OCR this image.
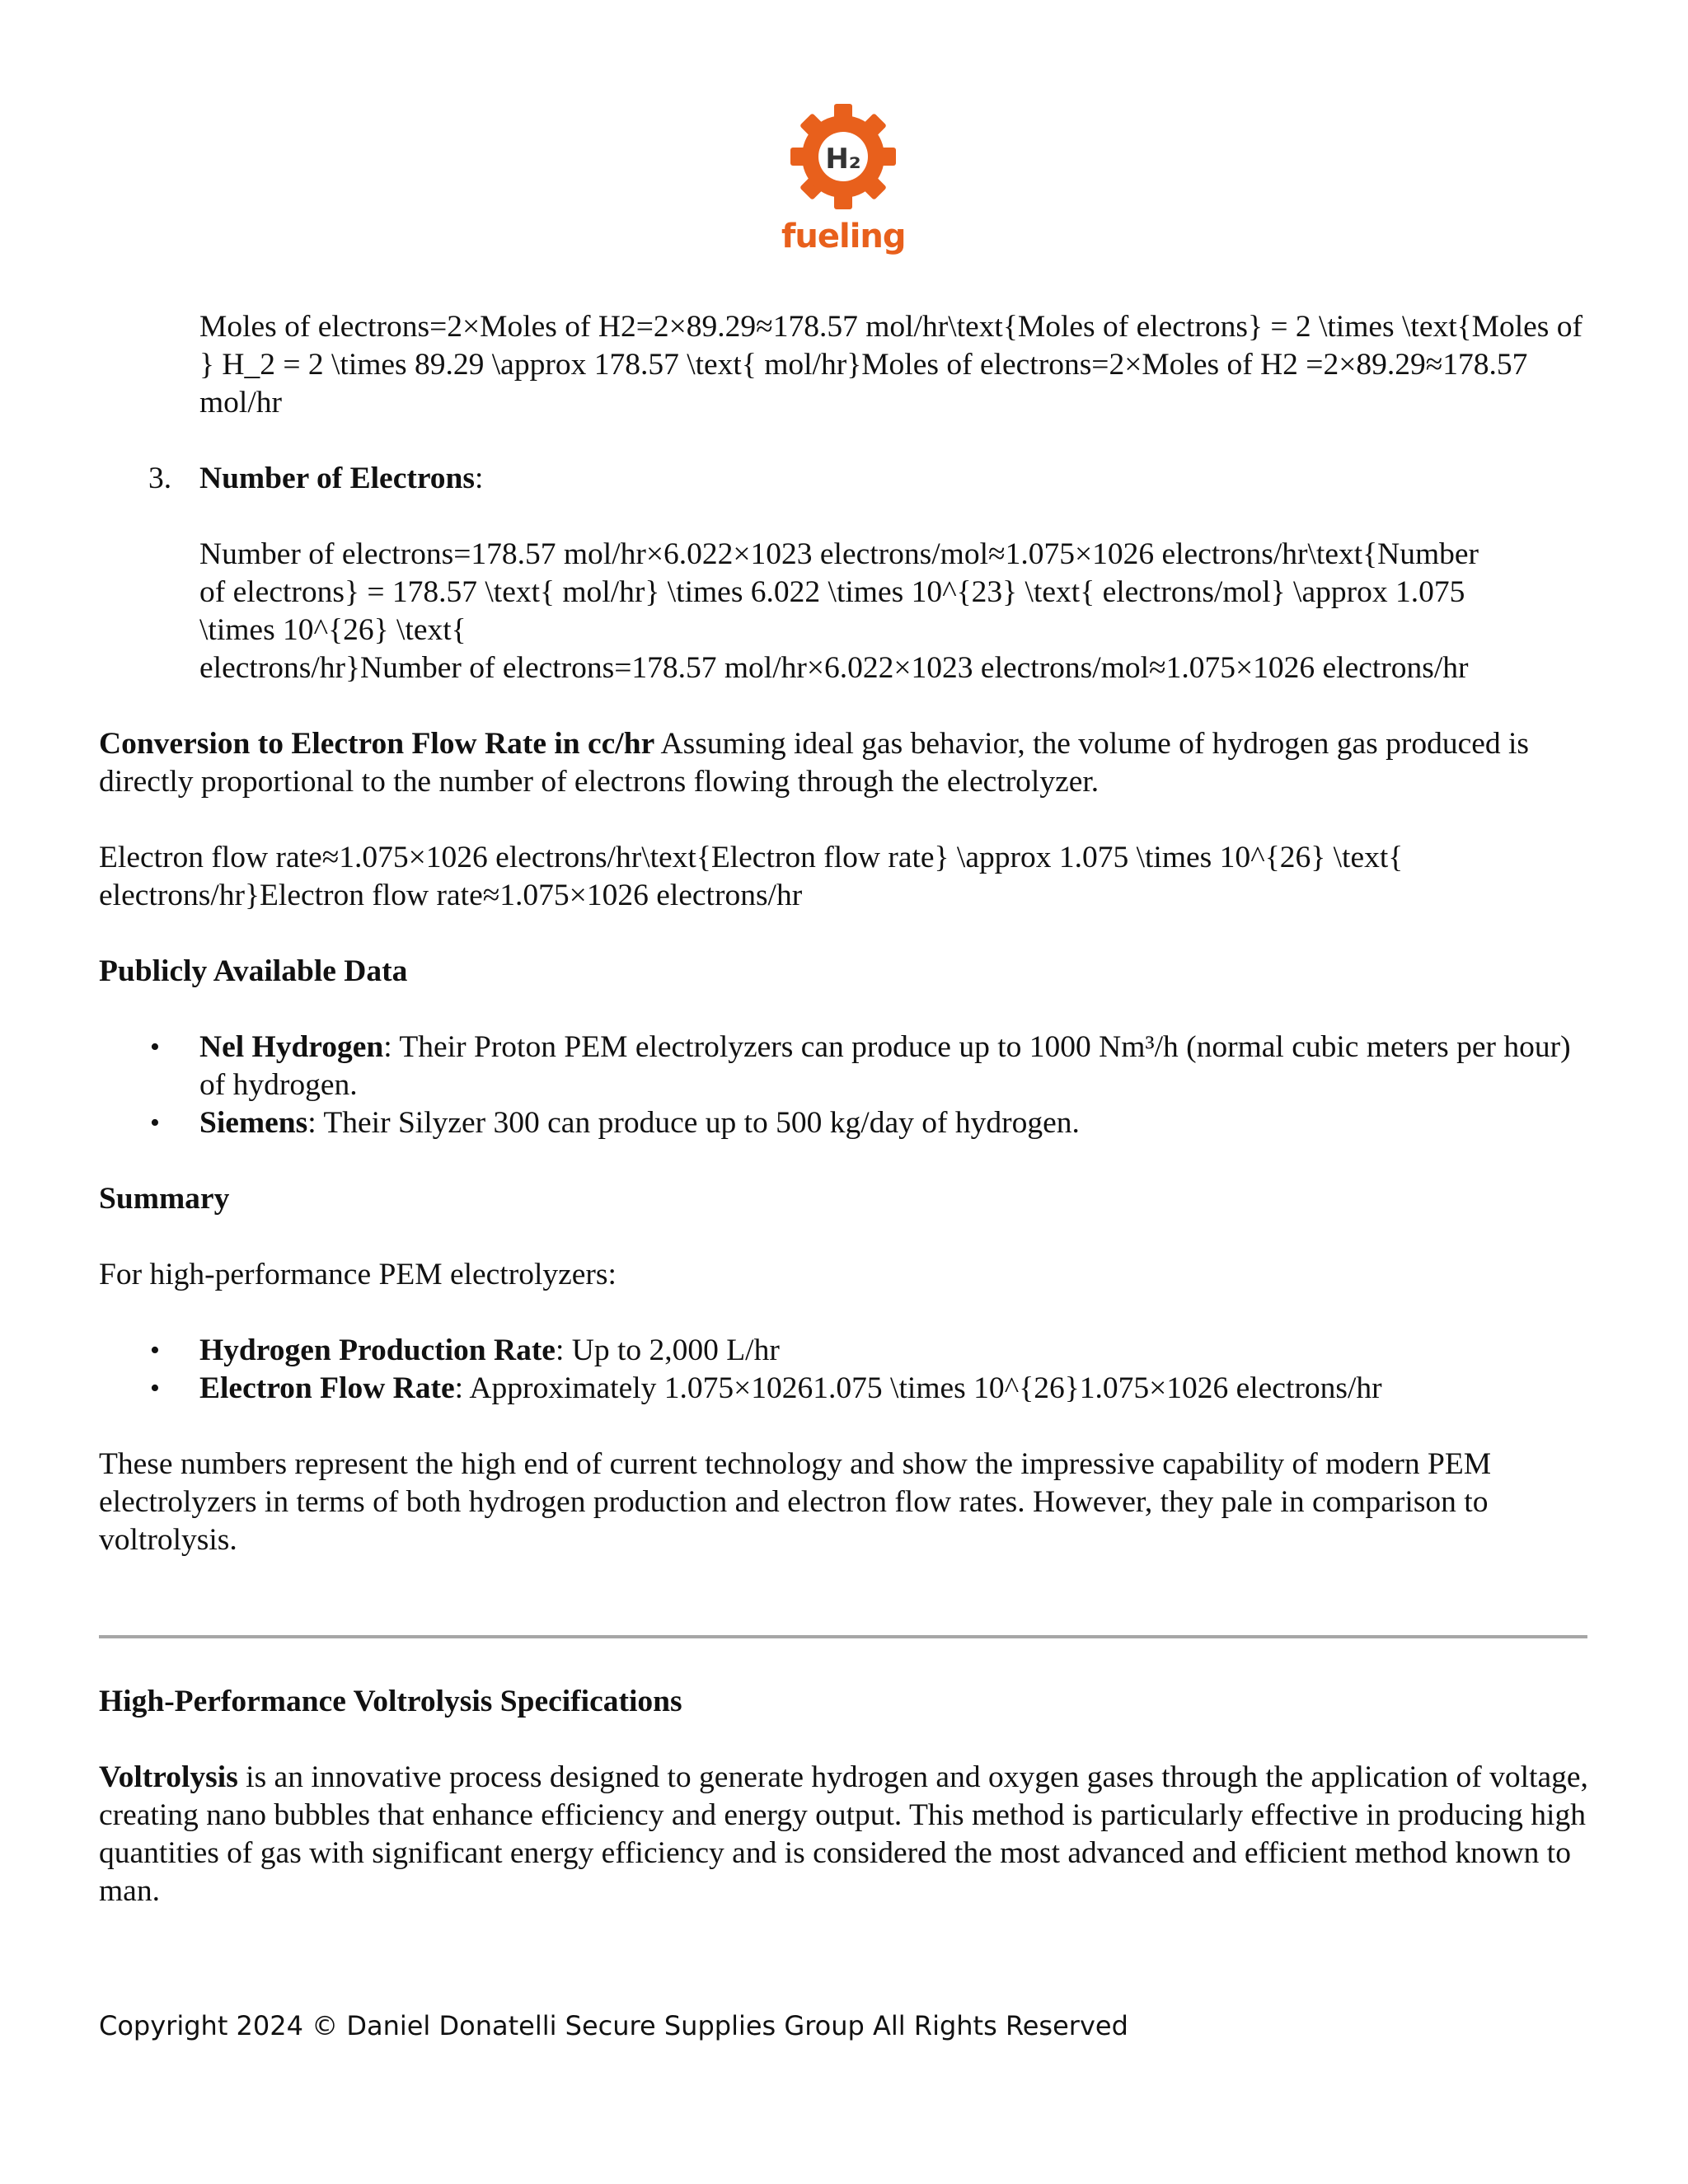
H₂
fueling

Moles of electrons=2×Moles of H2=2×89.29≈178.57 mol/hr\text{Moles of electrons} = 2 \times \text{Moles of } H_2 = 2 \times 89.29 \approx 178.57 \text{ mol/hr}Moles of electrons=2×Moles of H2 =2×89.29≈178.57 mol/hr

3. Number of Electrons:

Number of electrons=178.57 mol/hr×6.022×1023 electrons/mol≈1.075×1026 electrons/hr\text{Number
of electrons} = 178.57 \text{ mol/hr} \times 6.022 \times 10^{23} \text{ electrons/mol} \approx 1.075
\times 10^{26} \text{
electrons/hr}Number of electrons=178.57 mol/hr×6.022×1023 electrons/mol≈1.075×1026 electrons/hr

Conversion to Electron Flow Rate in cc/hr Assuming ideal gas behavior, the volume of hydrogen gas produced is directly proportional to the number of electrons flowing through the electrolyzer.

Electron flow rate≈1.075×1026 electrons/hr\text{Electron flow rate} \approx 1.075 \times 10^{26} \text{ electrons/hr}Electron flow rate≈1.075×1026 electrons/hr

Publicly Available Data

• Nel Hydrogen: Their Proton PEM electrolyzers can produce up to 1000 Nm³/h (normal cubic meters per hour) of hydrogen.

• Siemens: Their Silyzer 300 can produce up to 500 kg/day of hydrogen.

Summary

For high-performance PEM electrolyzers:

• Hydrogen Production Rate: Up to 2,000 L/hr

• Electron Flow Rate: Approximately 1.075×10261.075 \times 10^{26}1.075×1026 electrons/hr

These numbers represent the high end of current technology and show the impressive capability of modern PEM electrolyzers in terms of both hydrogen production and electron flow rates. However, they pale in comparison to voltrolysis.

High-Performance Voltrolysis Specifications

Voltrolysis is an innovative process designed to generate hydrogen and oxygen gases through the application of voltage, creating nano bubbles that enhance efficiency and energy output. This method is particularly effective in producing high quantities of gas with significant energy efficiency and is considered the most advanced and efficient method known to man.

Copyright 2024 © Daniel Donatelli Secure Supplies Group All Rights Reserved
